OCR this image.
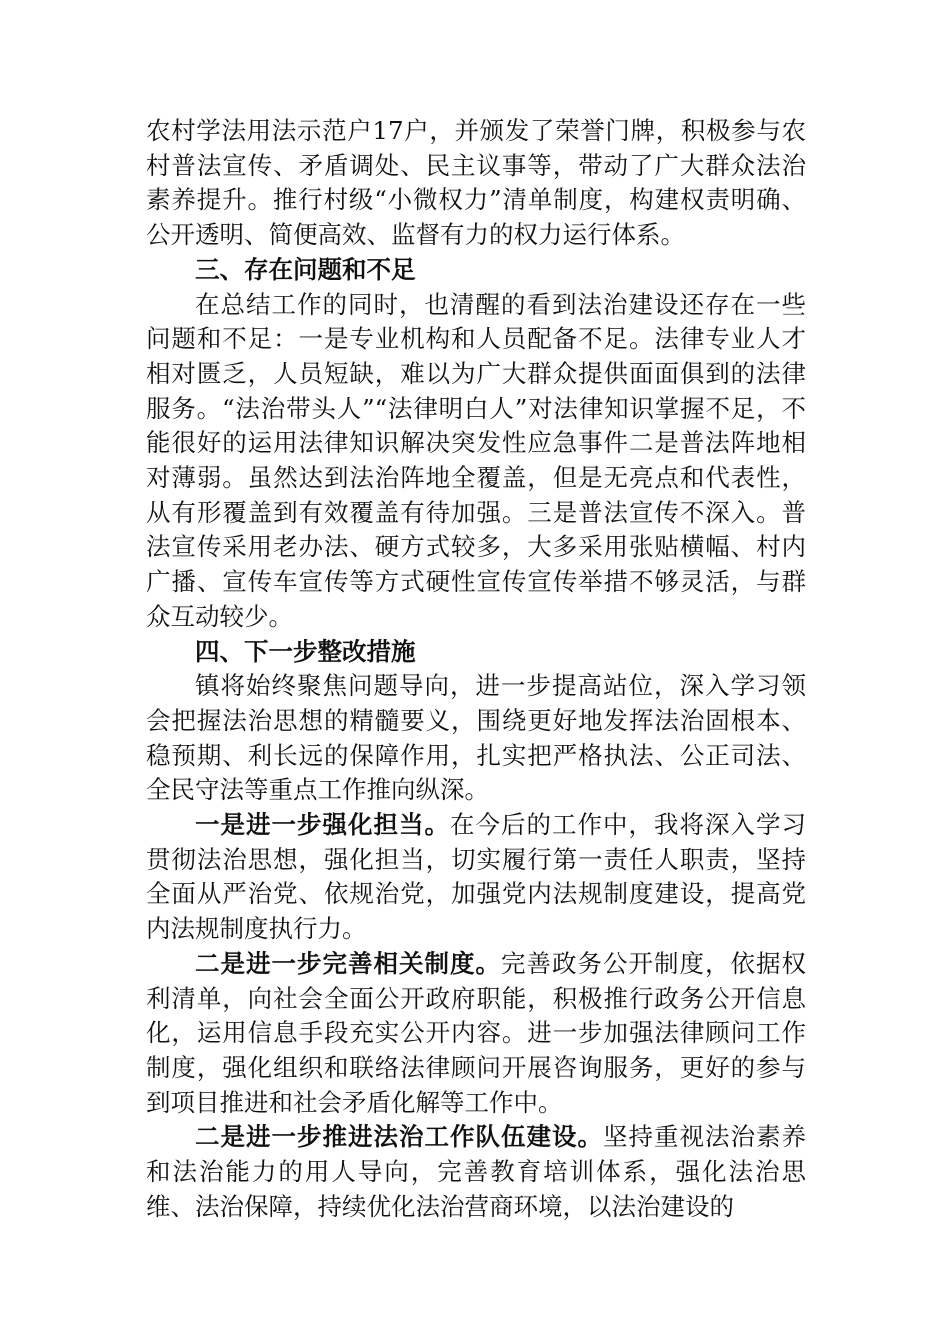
农村学法用法示范户17户，并颁发了荣誉门牌，积极参与农村普法宣传、矛盾调处、民主议事等，带动了广大群众法治素养提升。推行村级“小微权力”清单制度，构建权责明确、公开透明、简便高效、监督有力的权力运行体系。

三、存在问题和不足

在总结工作的同时，也清醒的看到法治建设还存在一些问题和不足：一是专业机构和人员配备不足。法律专业人才相对匮乏，人员短缺，难以为广大群众提供面面俱到的法律服务。“法治带头人”“法律明白人”对法律知识掌握不足，不能很好的运用法律知识解决突发性应急事件二是普法阵地相对薄弱。虽然达到法治阵地全覆盖，但是无亮点和代表性，从有形覆盖到有效覆盖有待加强。三是普法宣传不深入。普法宣传采用老办法、硬方式较多，大多采用张贴横幅、村内广播、宣传车宣传等方式硬性宣传宣传举措不够灵活，与群众互动较少。

四、下一步整改措施

镇将始终聚焦问题导向，进一步提高站位，深入学习领会把握法治思想的精髓要义，围绕更好地发挥法治固根本、稳预期、利长远的保障作用，扎实把严格执法、公正司法、全民守法等重点工作推向纵深。

一是进一步强化担当。在今后的工作中，我将深入学习贯彻法治思想，强化担当，切实履行第一责任人职责，坚持全面从严治党、依规治党，加强党内法规制度建设，提高党内法规制度执行力。

二是进一步完善相关制度。完善政务公开制度，依据权利清单，向社会全面公开政府职能，积极推行政务公开信息化，运用信息手段充实公开内容。进一步加强法律顾问工作制度，强化组织和联络法律顾问开展咨询服务，更好的参与到项目推进和社会矛盾化解等工作中。

二是进一步推进法治工作队伍建设。坚持重视法治素养和法治能力的用人导向，完善教育培训体系，强化法治思维、法治保障，持续优化法治营商环境，以法治建设的
